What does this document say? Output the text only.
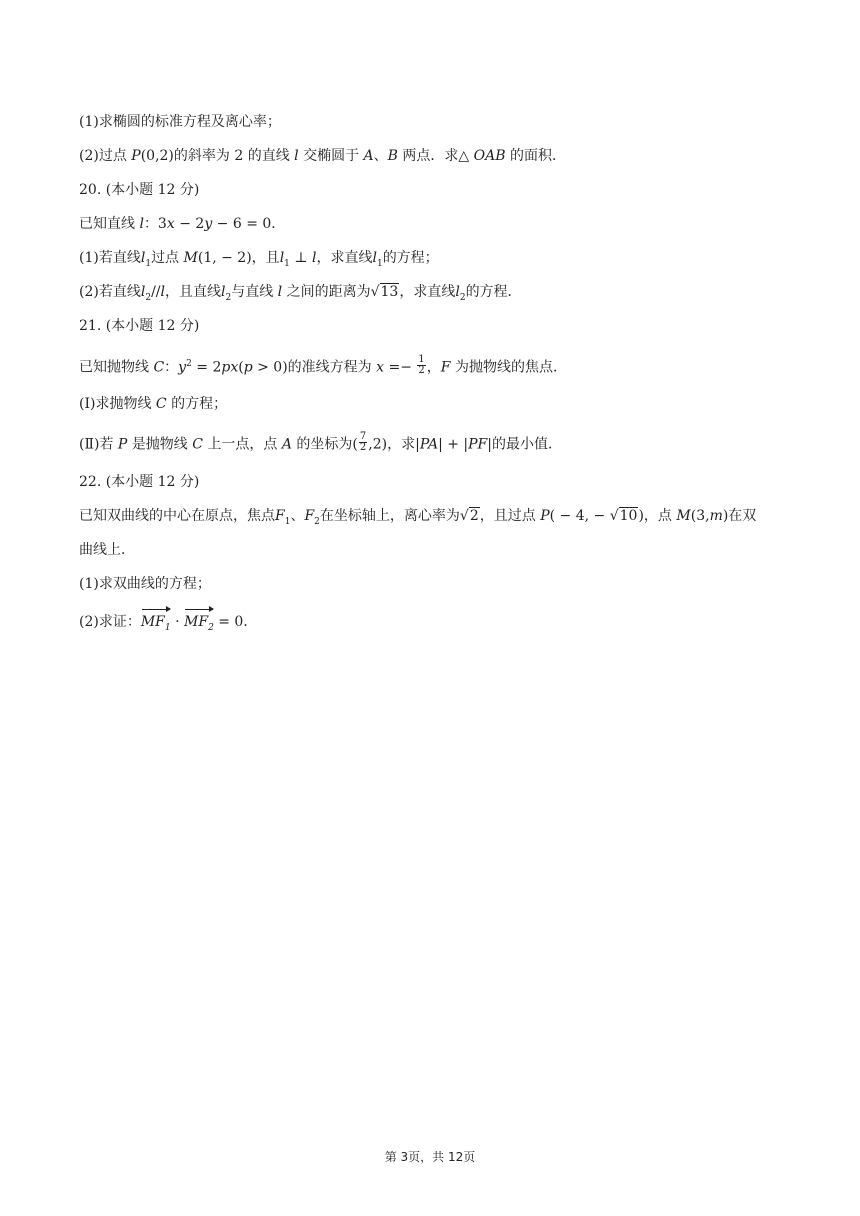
(1)求椭圆的标准方程及离心率；
(2)过点 P(0,2)的斜率为 2 的直线 l 交椭圆于 A、B 两点．求△ OAB 的面积．
20. (本小题 12 分)
已知直线 l：3x − 2y − 6 = 0．
(1)若直线$l_1$过点 M(1, − 2)，且$l_1$ ⊥ l，求直线$l_1$的方程；
(2)若直线$l_2//l$，且直线$l_2$与直线 l 之间的距离为√13，求直线$l_2$的方程．
21. (本小题 12 分)
已知抛物线 C：$y^2 = 2px(p > 0)$的准线方程为 $x =- \frac{1}{2}$ ，F 为抛物线的焦点．
(Ⅰ)求抛物线 C 的方程；
(Ⅱ)若 P 是抛物线 C 上一点，点 A 的坐标为( $\frac{7}{2} ,2$)，求|PA| + |PF|的最小值．
22. (本小题 12 分)
已知双曲线的中心在原点，焦点$F_1$、$F_2$在坐标轴上，离心率为√2，且过点 P( − 4, − √10)，点 M(3,m)在双
曲线上．
(1)求双曲线的方程；
(2)求证：$MF_1 \cdot MF_2 = 0$．
第 3页，共 12页
